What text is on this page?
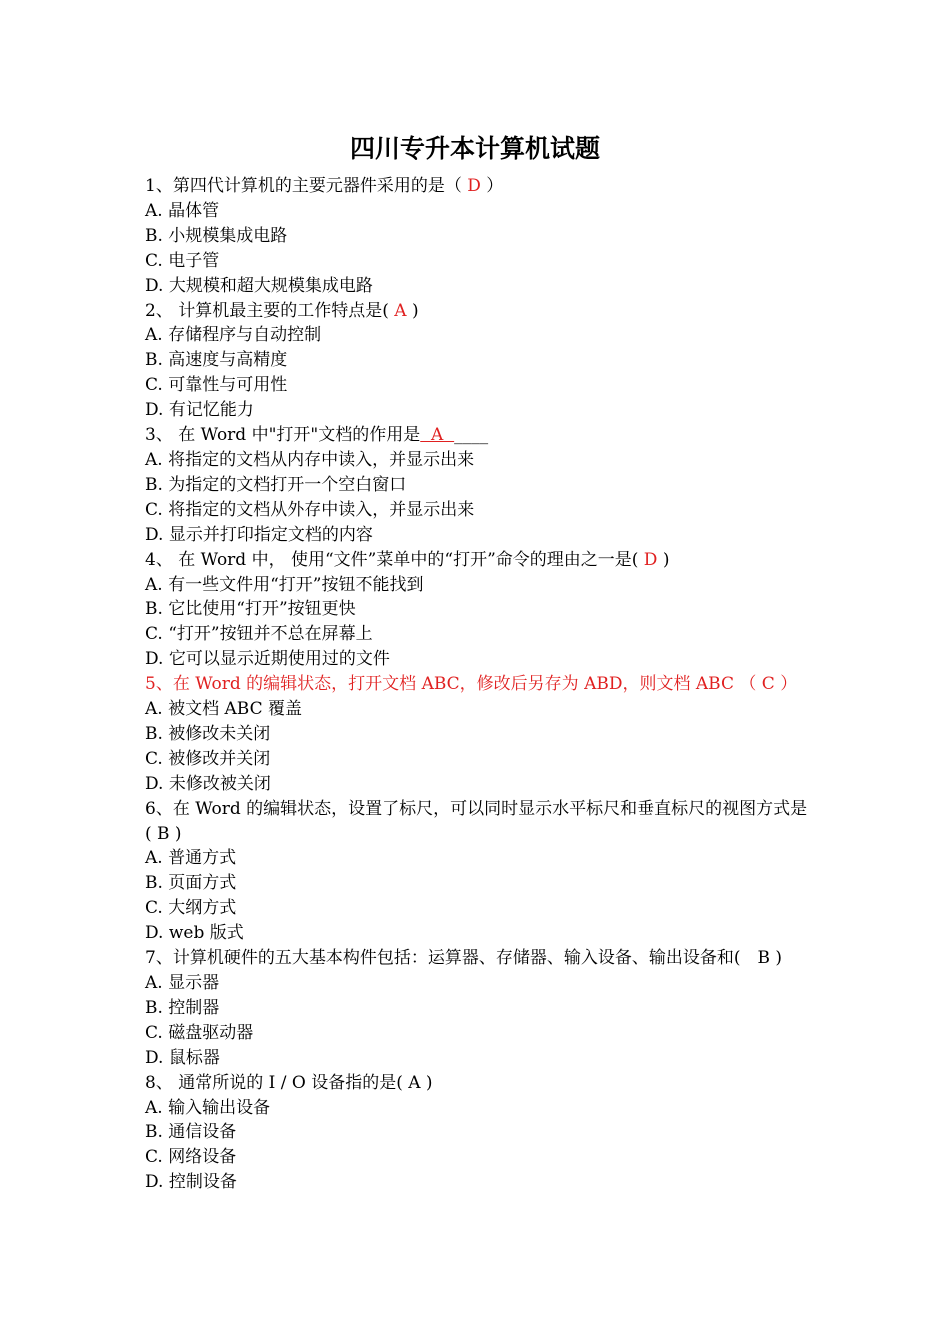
四川专升本计算机试题

1、第四代计算机的主要元器件采用的是（ D ）

A. 晶体管

B. 小规模集成电路

C. 电子管

D. 大规模和超大规模集成电路

2、 计算机最主要的工作特点是( A )

A. 存储程序与自动控制

B. 高速度与高精度

C. 可靠性与可用性

D. 有记忆能力

3、 在 Word 中"打开"文档的作用是  A  ____

A. 将指定的文档从内存中读入，并显示出来

B. 为指定的文档打开一个空白窗口

C. 将指定的文档从外存中读入，并显示出来

D. 显示并打印指定文档的内容

4、 在 Word 中， 使用“文件”菜单中的“打开”命令的理由之一是( D )

A. 有一些文件用“打开”按钮不能找到

B. 它比使用“打开”按钮更快

C. “打开”按钮并不总在屏幕上

D. 它可以显示近期使用过的文件

5、在 Word 的编辑状态，打开文档 ABC，修改后另存为 ABD，则文档 ABC （ C ）

A. 被文档 ABC 覆盖

B. 被修改未关闭

C. 被修改并关闭

D. 未修改被关闭

6、在 Word 的编辑状态，设置了标尺，可以同时显示水平标尺和垂直标尺的视图方式是( B )

A. 普通方式

B. 页面方式

C. 大纲方式

D. web 版式

7、计算机硬件的五大基本构件包括：运算器、存储器、输入设备、输出设备和(　B )

A. 显示器

B. 控制器

C. 磁盘驱动器

D. 鼠标器

8、 通常所说的 I / O 设备指的是( A )

A. 输入输出设备

B. 通信设备

C. 网络设备

D. 控制设备
